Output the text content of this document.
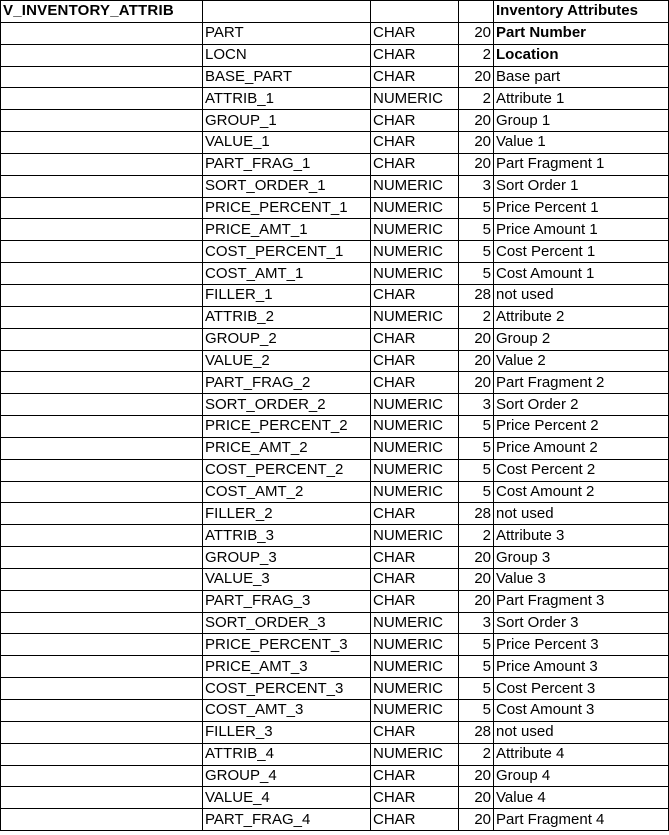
V_INVENTORY_ATTRIB				Inventory Attributes
	PART	CHAR	20	Part Number
	LOCN	CHAR	2	Location
	BASE_PART	CHAR	20	Base part
	ATTRIB_1	NUMERIC	2	Attribute 1
	GROUP_1	CHAR	20	Group 1
	VALUE_1	CHAR	20	Value 1
	PART_FRAG_1	CHAR	20	Part Fragment 1
	SORT_ORDER_1	NUMERIC	3	Sort Order 1
	PRICE_PERCENT_1	NUMERIC	5	Price Percent 1
	PRICE_AMT_1	NUMERIC	5	Price Amount 1
	COST_PERCENT_1	NUMERIC	5	Cost Percent 1
	COST_AMT_1	NUMERIC	5	Cost Amount 1
	FILLER_1	CHAR	28	not used
	ATTRIB_2	NUMERIC	2	Attribute 2
	GROUP_2	CHAR	20	Group 2
	VALUE_2	CHAR	20	Value 2
	PART_FRAG_2	CHAR	20	Part Fragment 2
	SORT_ORDER_2	NUMERIC	3	Sort Order 2
	PRICE_PERCENT_2	NUMERIC	5	Price Percent 2
	PRICE_AMT_2	NUMERIC	5	Price Amount 2
	COST_PERCENT_2	NUMERIC	5	Cost Percent 2
	COST_AMT_2	NUMERIC	5	Cost Amount 2
	FILLER_2	CHAR	28	not used
	ATTRIB_3	NUMERIC	2	Attribute 3
	GROUP_3	CHAR	20	Group 3
	VALUE_3	CHAR	20	Value 3
	PART_FRAG_3	CHAR	20	Part Fragment 3
	SORT_ORDER_3	NUMERIC	3	Sort Order 3
	PRICE_PERCENT_3	NUMERIC	5	Price Percent 3
	PRICE_AMT_3	NUMERIC	5	Price Amount 3
	COST_PERCENT_3	NUMERIC	5	Cost Percent 3
	COST_AMT_3	NUMERIC	5	Cost Amount 3
	FILLER_3	CHAR	28	not used
	ATTRIB_4	NUMERIC	2	Attribute 4
	GROUP_4	CHAR	20	Group 4
	VALUE_4	CHAR	20	Value 4
	PART_FRAG_4	CHAR	20	Part Fragment 4
